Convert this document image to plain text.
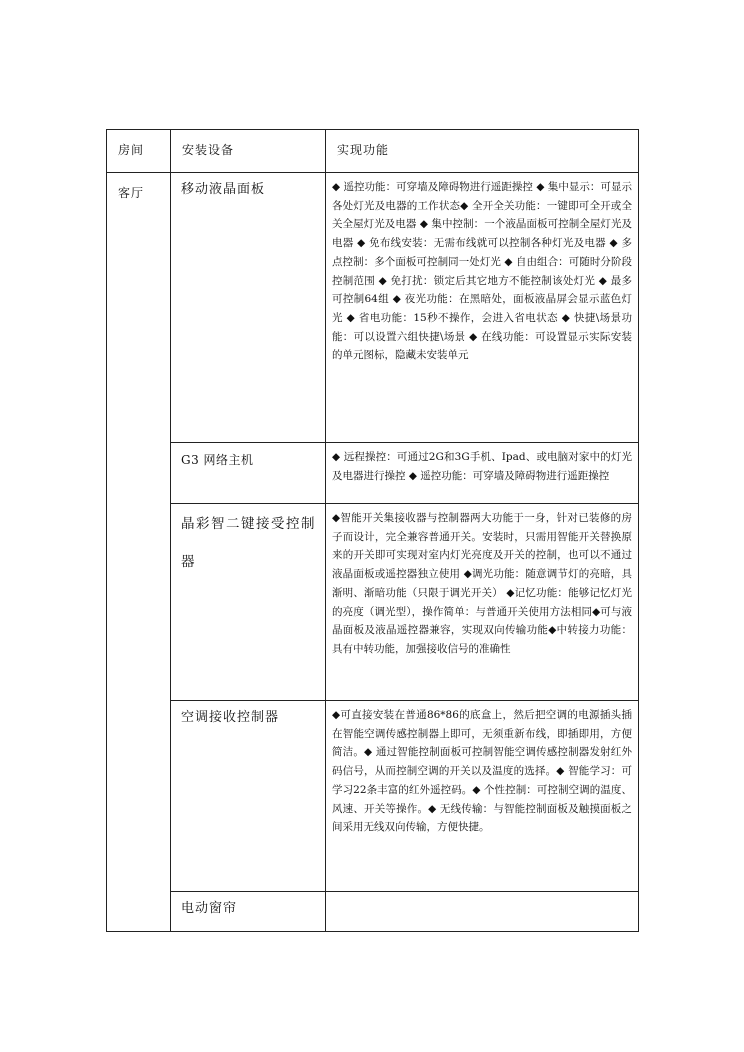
房间	安装设备	实现功能

客厅	移动液晶面板	◆ 遥控功能：可穿墙及障碍物进行遥距操控 ◆ 集中显示：可显示各处灯光及电器的工作状态◆ 全开全关功能：一键即可全开或全关全屋灯光及电器 ◆ 集中控制：一个液晶面板可控制全屋灯光及电器 ◆ 免布线安装：无需布线就可以控制各种灯光及电器 ◆ 多点控制：多个面板可控制同一处灯光 ◆ 自由组合：可随时分阶段控制范围 ◆ 免打扰：锁定后其它地方不能控制该处灯光 ◆ 最多可控制64组 ◆ 夜光功能：在黑暗处，面板液晶屏会显示蓝色灯光 ◆ 省电功能：15秒不操作，会进入省电状态 ◆ 快捷\场景功能：可以设置六组快捷\场景 ◆ 在线功能：可设置显示实际安装的单元图标，隐藏未安装单元

	G3 网络主机	◆ 远程操控：可通过2G和3G手机、Ipad、或电脑对家中的灯光及电器进行操控 ◆ 遥控功能：可穿墙及障碍物进行遥距操控

	晶彩智二键接受控制器	◆智能开关集接收器与控制器两大功能于一身，针对已装修的房子而设计，完全兼容普通开关。安装时，只需用智能开关替换原来的开关即可实现对室内灯光亮度及开关的控制，也可以不通过液晶面板或遥控器独立使用 ◆调光功能：随意调节灯的亮暗，具渐明、渐暗功能（只限于调光开关） ◆记忆功能：能够记忆灯光的亮度（调光型），操作简单：与普通开关使用方法相同◆可与液晶面板及液晶遥控器兼容，实现双向传输功能◆中转接力功能：具有中转功能，加强接收信号的准确性

	空调接收控制器	◆可直接安装在普通86*86的底盒上，然后把空调的电源插头插在智能空调传感控制器上即可，无须重新布线，即插即用，方便简洁。◆ 通过智能控制面板可控制智能空调传感控制器发射红外码信号，从而控制空调的开关以及温度的选择。◆ 智能学习：可学习22条丰富的红外遥控码。◆ 个性控制：可控制空调的温度、风速、开关等操作。◆ 无线传输：与智能控制面板及触摸面板之间采用无线双向传输，方便快捷。

	电动窗帘	
